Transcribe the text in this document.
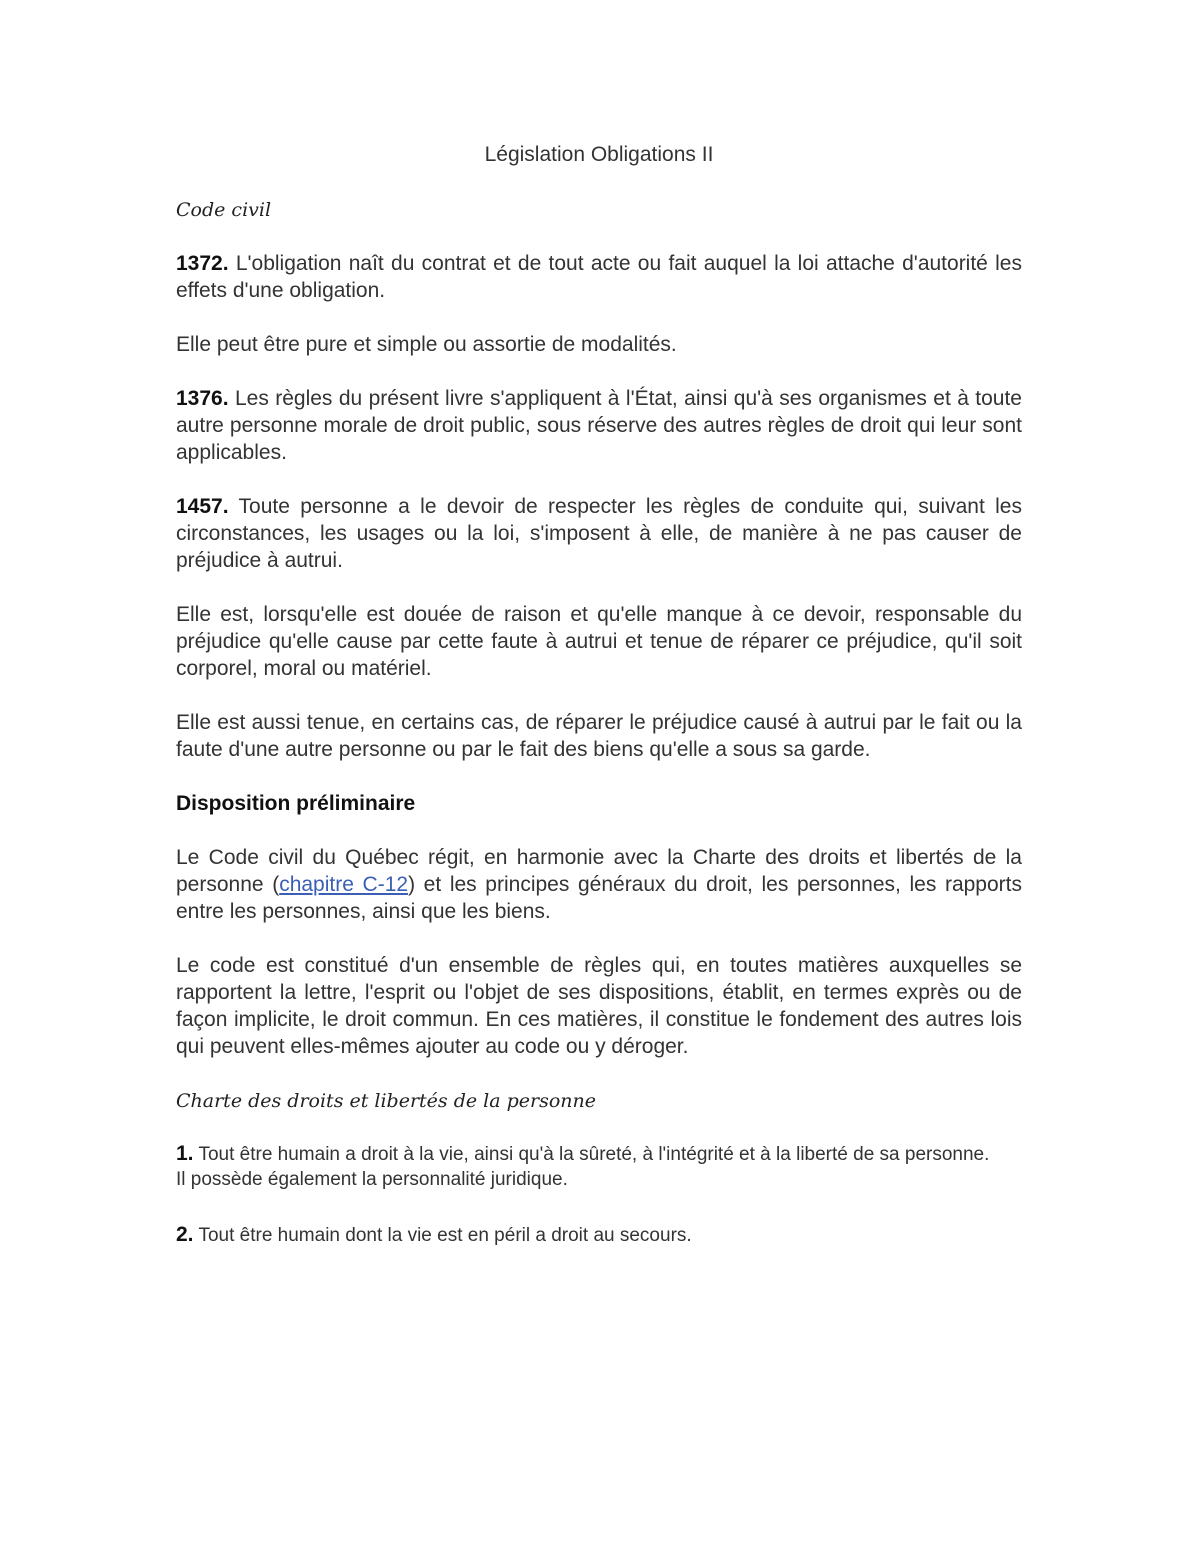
Législation Obligations II
Code civil

1372. L'obligation naît du contrat et de tout acte ou fait auquel la loi attache d'autorité les effets d'une obligation.

Elle peut être pure et simple ou assortie de modalités.

1376. Les règles du présent livre s'appliquent à l'État, ainsi qu'à ses organismes et à toute autre personne morale de droit public, sous réserve des autres règles de droit qui leur sont applicables.

1457. Toute personne a le devoir de respecter les règles de conduite qui, suivant les circonstances, les usages ou la loi, s'imposent à elle, de manière à ne pas causer de préjudice à autrui.

Elle est, lorsqu'elle est douée de raison et qu'elle manque à ce devoir, responsable du préjudice qu'elle cause par cette faute à autrui et tenue de réparer ce préjudice, qu'il soit corporel, moral ou matériel.

Elle est aussi tenue, en certains cas, de réparer le préjudice causé à autrui par le fait ou la faute d'une autre personne ou par le fait des biens qu'elle a sous sa garde.

Disposition préliminaire

Le Code civil du Québec régit, en harmonie avec la Charte des droits et libertés de la personne (chapitre C-12) et les principes généraux du droit, les personnes, les rapports entre les personnes, ainsi que les biens.

Le code est constitué d'un ensemble de règles qui, en toutes matières auxquelles se rapportent la lettre, l'esprit ou l'objet de ses dispositions, établit, en termes exprès ou de façon implicite, le droit commun. En ces matières, il constitue le fondement des autres lois qui peuvent elles-mêmes ajouter au code ou y déroger.

Charte des droits et libertés de la personne

1. Tout être humain a droit à la vie, ainsi qu'à la sûreté, à l'intégrité et à la liberté de sa personne.

Il possède également la personnalité juridique.

2. Tout être humain dont la vie est en péril a droit au secours.
